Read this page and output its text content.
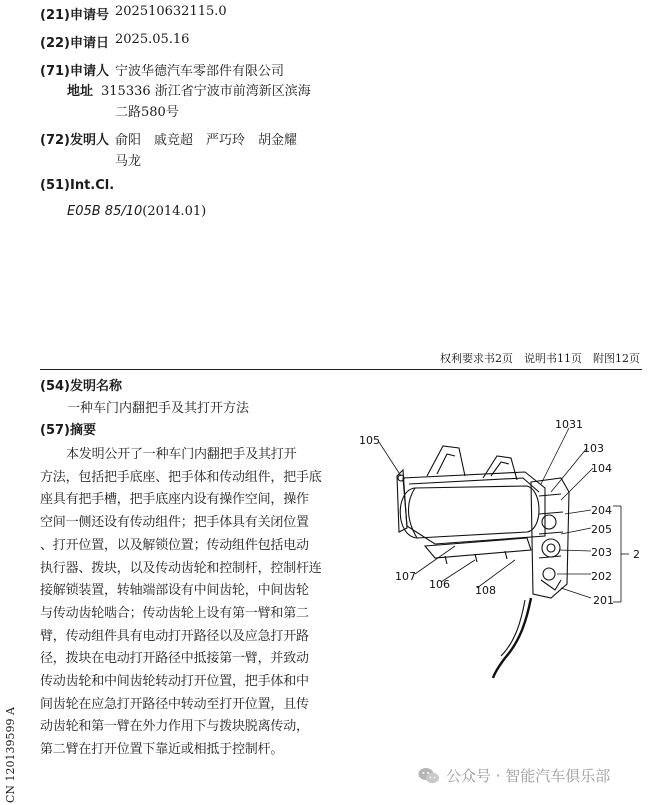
(21)申请号 202510632115.0
(22)申请日 2025.05.16
(71)申请人 宁波华德汽车零部件有限公司
地址 315336 浙江省宁波市前湾新区滨海
二路580号
(72)发明人 俞阳　戚竞超　严巧玲　胡金耀
马龙
(51)Int.Cl.
E05B 85/10(2014.01)
权利要求书2页　说明书11页　附图12页
(54)发明名称
一种车门内翻把手及其打开方法
(57)摘要
本发明公开了一种车门内翻把手及其打开
方法，包括把手底座、把手体和传动组件，把手底
座具有把手槽，把手底座内设有操作空间，操作
空间一侧还设有传动组件；把手体具有关闭位置
、打开位置，以及解锁位置；传动组件包括电动
执行器、拨块，以及传动齿轮和控制杆，控制杆连
接解锁装置，转轴端部设有中间齿轮，中间齿轮
与传动齿轮啮合；传动齿轮上设有第一臂和第二
臂，传动组件具有电动打开路径以及应急打开路
径，拨块在电动打开路径中抵接第一臂，并致动
传动齿轮和中间齿轮转动打开位置，把手体和中
间齿轮在应急打开路径中转动至打开位置，且传
动齿轮和第一臂在外力作用下与拨块脱离传动，
第二臂在打开位置下靠近或相抵于控制杆。
105
1031
103
104
204
205
203 2
202
201
107
106 108
CN 120139599 A	公众号 · 智能汽车俱乐部
